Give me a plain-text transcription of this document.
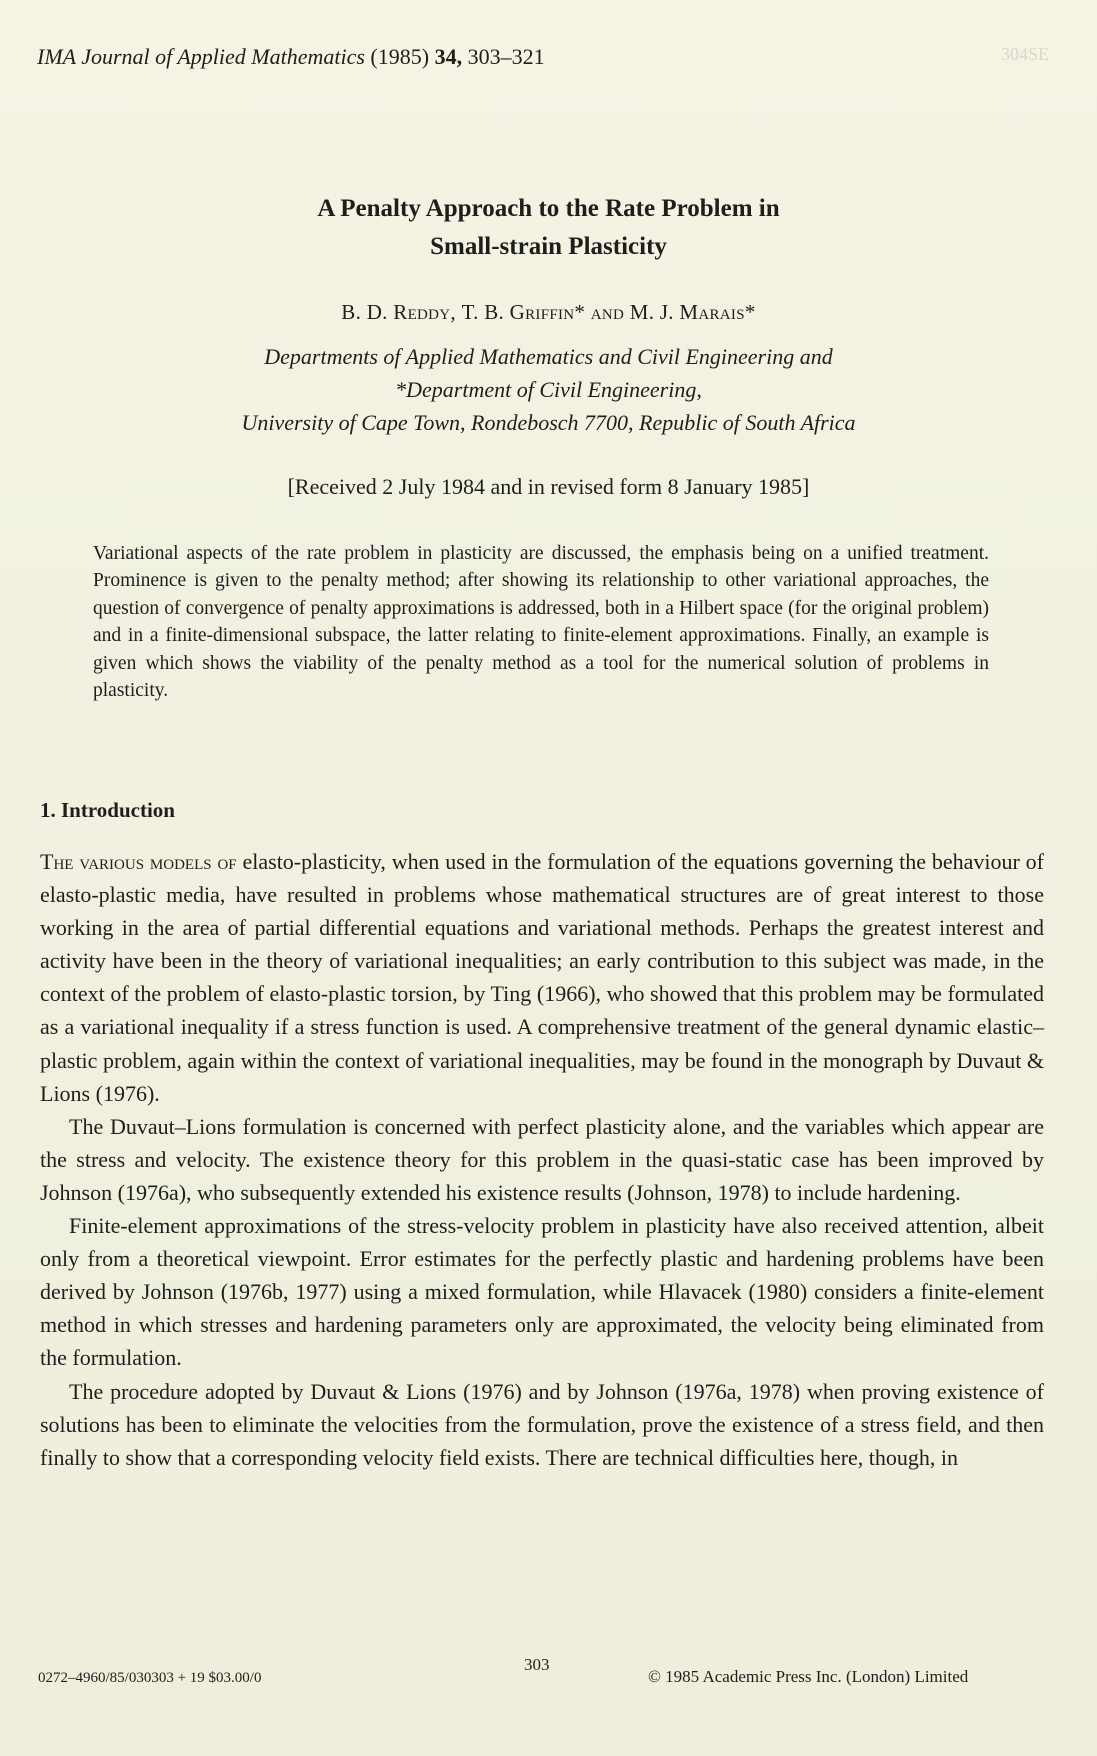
304SE
IMA Journal of Applied Mathematics (1985) 34, 303–321
A Penalty Approach to the Rate Problem in
Small-strain Plasticity
B. D. Reddy, T. B. Griffin* and M. J. Marais*
Departments of Applied Mathematics and Civil Engineering and
*Department of Civil Engineering,
University of Cape Town, Rondebosch 7700, Republic of South Africa
[Received 2 July 1984 and in revised form 8 January 1985]
Variational aspects of the rate problem in plasticity are discussed, the emphasis being on a unified treatment. Prominence is given to the penalty method; after showing its relationship to other variational approaches, the question of convergence of penalty approximations is addressed, both in a Hilbert space (for the original problem) and in a finite-dimensional subspace, the latter relating to finite-element approximations. Finally, an example is given which shows the viability of the penalty method as a tool for the numerical solution of problems in plasticity.
1. Introduction

The various models of elasto-plasticity, when used in the formulation of the equations governing the behaviour of elasto-plastic media, have resulted in problems whose mathematical structures are of great interest to those working in the area of partial differential equations and variational methods. Perhaps the greatest interest and activity have been in the theory of variational inequalities; an early contribution to this subject was made, in the context of the problem of elasto-plastic torsion, by Ting (1966), who showed that this problem may be formulated as a variational inequality if a stress function is used. A comprehensive treatment of the general dynamic elastic–plastic problem, again within the context of variational inequalities, may be found in the monograph by Duvaut & Lions (1976).

The Duvaut–Lions formulation is concerned with perfect plasticity alone, and the variables which appear are the stress and velocity. The existence theory for this problem in the quasi-static case has been improved by Johnson (1976a), who subsequently extended his existence results (Johnson, 1978) to include hardening.

Finite-element approximations of the stress-velocity problem in plasticity have also received attention, albeit only from a theoretical viewpoint. Error estimates for the perfectly plastic and hardening problems have been derived by Johnson (1976b, 1977) using a mixed formulation, while Hlavacek (1980) considers a finite-element method in which stresses and hardening parameters only are approximated, the velocity being eliminated from the formulation.

The procedure adopted by Duvaut & Lions (1976) and by Johnson (1976a, 1978) when proving existence of solutions has been to eliminate the velocities from the formulation, prove the existence of a stress field, and then finally to show that a corresponding velocity field exists. There are technical difficulties here, though, in

0272–4960/85/030303 + 19 $03.00/0
303
© 1985 Academic Press Inc. (London) Limited
